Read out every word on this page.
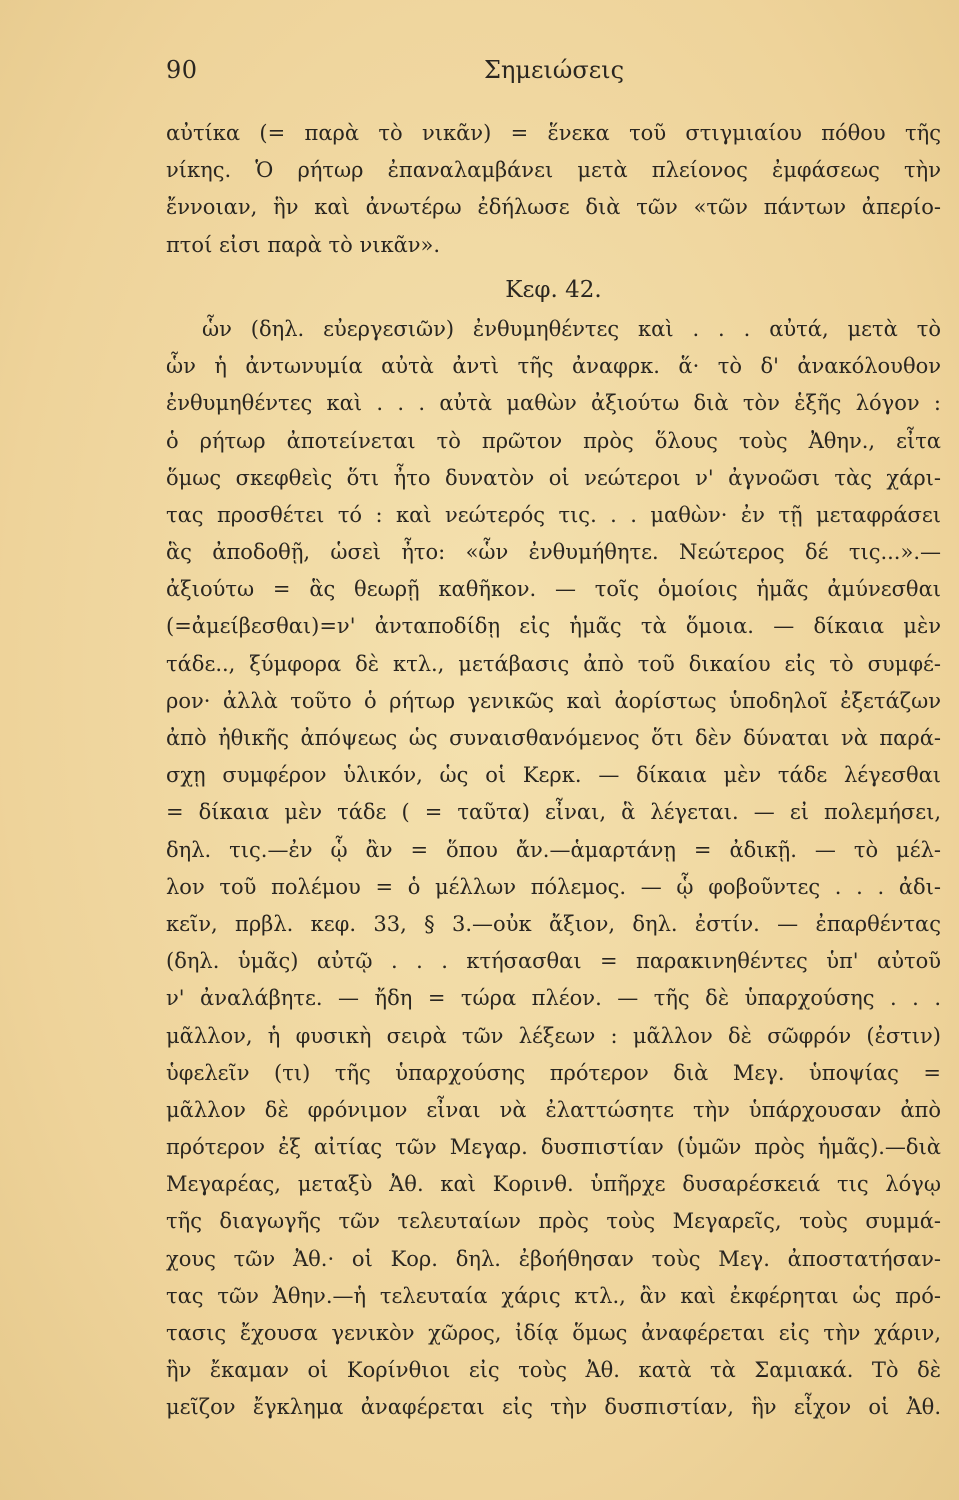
90	Σημειώσεις
αὐτίκα (= παρὰ τὸ νικᾶν) = ἕνεκα τοῦ στιγμιαίου πόθου τῆς
νίκης. Ὁ ρήτωρ ἐπαναλαμβάνει μετὰ πλείονος ἐμφάσεως τὴν
ἔννοιαν, ἣν καὶ ἀνωτέρω ἐδήλωσε διὰ τῶν «τῶν πάντων ἀπερίο-
πτοί εἰσι παρὰ τὸ νικᾶν».
Κεφ. 42.
ὧν (δηλ. εὐεργεσιῶν) ἐνθυμηθέντες καὶ . . . αὐτά, μετὰ τὸ
ὧν ἡ ἀντωνυμία αὐτὰ ἀντὶ τῆς ἀναφρκ. ἅ· τὸ δ' ἀνακόλουθον
ἐνθυμηθέντες καὶ . . . αὐτὰ μαθὼν ἀξιούτω διὰ τὸν ἑξῆς λόγον :
ὁ ρήτωρ ἀποτείνεται τὸ πρῶτον πρὸς ὅλους τοὺς Ἀθην., εἶτα
ὅμως σκεφθεὶς ὅτι ἦτο δυνατὸν οἱ νεώτεροι ν' ἀγνοῶσι τὰς χάρι-
τας προσθέτει τό : καὶ νεώτερός τις. . . μαθὼν· ἐν τῇ μεταφράσει
ἃς ἀποδοθῇ, ὡσεὶ ἦτο: «ὧν ἐνθυμήθητε. Νεώτερος δέ τις...».—
ἀξιούτω = ἃς θεωρῇ καθῆκον. — τοῖς ὁμοίοις ἡμᾶς ἀμύνεσθαι
(=ἀμείβεσθαι)=ν' ἀνταποδίδῃ εἰς ἡμᾶς τὰ ὅμοια. — δίκαια μὲν
τάδε.., ξύμφορα δὲ κτλ., μετάβασις ἀπὸ τοῦ δικαίου εἰς τὸ συμφέ-
ρον· ἀλλὰ τοῦτο ὁ ρήτωρ γενικῶς καὶ ἀορίστως ὑποδηλοῖ ἐξετάζων
ἀπὸ ἠθικῆς ἀπόψεως ὡς συναισθανόμενος ὅτι δὲν δύναται νὰ παρά-
σχῃ συμφέρον ὑλικόν, ὡς οἱ Κερκ. — δίκαια μὲν τάδε λέγεσθαι
= δίκαια μὲν τάδε ( = ταῦτα) εἶναι, ἃ λέγεται. — εἰ πολεμήσει,
δηλ. τις.—ἐν ᾧ ἂν = ὅπου ἄν.—ἁμαρτάνῃ = ἀδικῇ. — τὸ μέλ-
λον τοῦ πολέμου = ὁ μέλλων πόλεμος. — ᾧ φοβοῦντες . . . ἀδι-
κεῖν, πρβλ. κεφ. 33, § 3.—οὐκ ἄξιον, δηλ. ἐστίν. — ἐπαρθέντας
(δηλ. ὑμᾶς) αὐτῷ . . . κτήσασθαι = παρακινηθέντες ὑπ' αὐτοῦ
ν' ἀναλάβητε. — ἤδη = τώρα πλέον. — τῆς δὲ ὑπαρχούσης . . .
μᾶλλον, ἡ φυσικὴ σειρὰ τῶν λέξεων : μᾶλλον δὲ σῶφρόν (ἐστιν)
ὑφελεῖν (τι) τῆς ὑπαρχούσης πρότερον διὰ Μεγ. ὑποψίας =
μᾶλλον δὲ φρόνιμον εἶναι νὰ ἐλαττώσητε τὴν ὑπάρχουσαν ἀπὸ
πρότερον ἐξ αἰτίας τῶν Μεγαρ. δυσπιστίαν (ὑμῶν πρὸς ἡμᾶς).—διὰ
Μεγαρέας, μεταξὺ Ἀθ. καὶ Κορινθ. ὑπῆρχε δυσαρέσκειά τις λόγῳ
τῆς διαγωγῆς τῶν τελευταίων πρὸς τοὺς Μεγαρεῖς, τοὺς συμμά-
χους τῶν Ἀθ.· οἱ Κορ. δηλ. ἐβοήθησαν τοὺς Μεγ. ἀποστατήσαν-
τας τῶν Ἀθην.—ἡ τελευταία χάρις κτλ., ἂν καὶ ἐκφέρηται ὡς πρό-
τασις ἔχουσα γενικὸν χῶρος, ἰδίᾳ ὅμως ἀναφέρεται εἰς τὴν χάριν,
ἣν ἔκαμαν οἱ Κορίνθιοι εἰς τοὺς Ἀθ. κατὰ τὰ Σαμιακά. Τὸ δὲ
μεῖζον ἔγκλημα ἀναφέρεται εἰς τὴν δυσπιστίαν, ἣν εἶχον οἱ Ἀθ.
